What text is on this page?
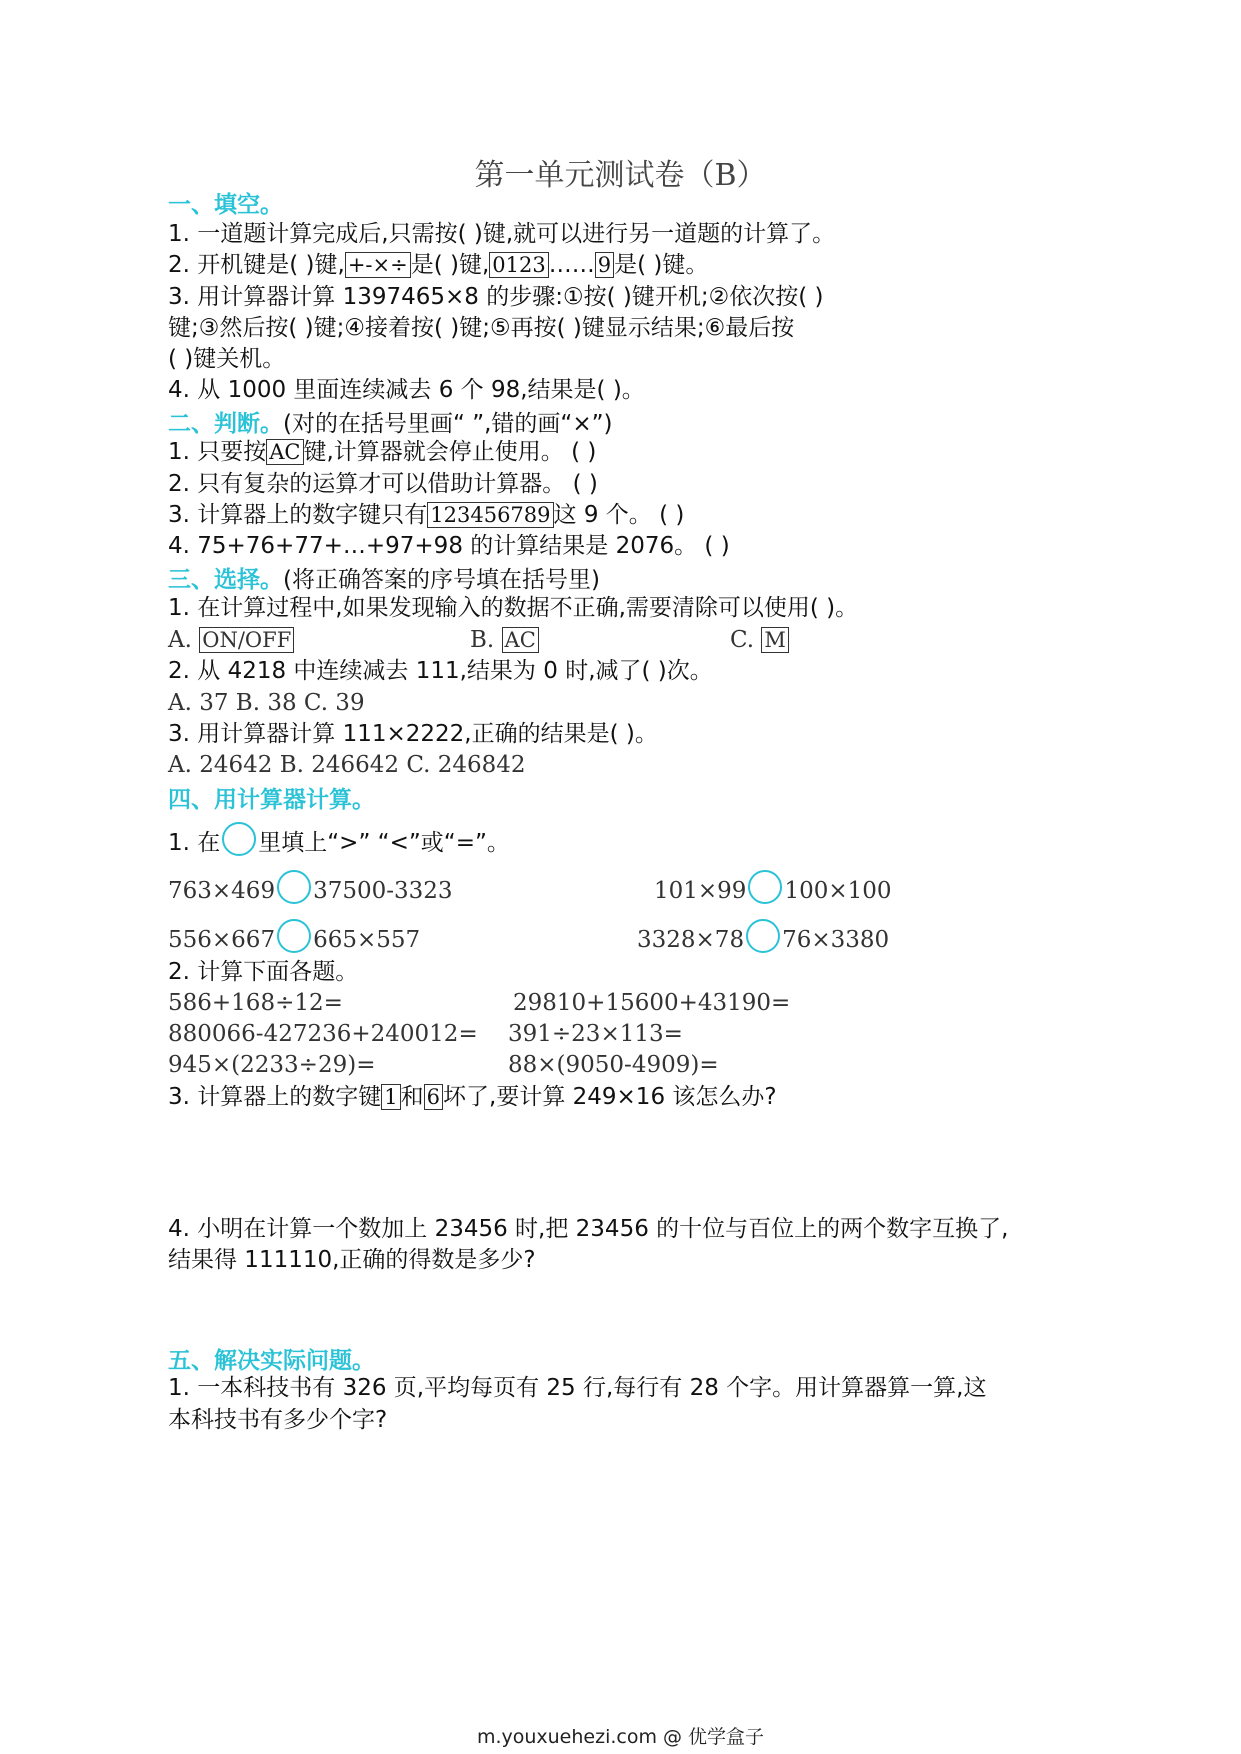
第一单元测试卷（B）
一、填空。
1. 一道题计算完成后,只需按( )键,就可以进行另一道题的计算了。
2. 开机键是( )键, +-×÷ 是( )键, 0123 …… 9 是( )键。
3. 用计算器计算 1397465×8 的步骤:①按( )键开机;②依次按( )
键;③然后按( )键;④接着按( )键;⑤再按( )键显示结果;⑥最后按
( )键关机。
4. 从 1000 里面连续减去 6 个 98,结果是( )。
二、判断。(对的在括号里画“ ”,错的画“×”)
1. 只要按 AC 键,计算器就会停止使用。 ( )
2. 只有复杂的运算才可以借助计算器。 ( )
3. 计算器上的数字键只有 123456789 这 9 个。 ( )
4. 75+76+77+…+97+98 的计算结果是 2076。 ( )
三、选择。(将正确答案的序号填在括号里)
1. 在计算过程中,如果发现输入的数据不正确,需要清除可以使用( )。
A. ON/OFF	B. AC	C. M
2. 从 4218 中连续减去 111,结果为 0 时,减了( )次。
A. 37 B. 38 C. 39
3. 用计算器计算 111×2222,正确的结果是( )。
A. 24642 B. 246642 C. 246842
四、用计算器计算。
1. 在 里填上“>” “<”或“=”。
763×469 37500-3323	101×99 100×100
556×667 665×557	3328×78 76×3380
2. 计算下面各题。
586+168÷12=	29810+15600+43190=
880066-427236+240012= 391÷23×113=
945×(2233÷29)=	88×(9050-4909)=
3. 计算器上的数字键 1 和 6 坏了,要计算 249×16 该怎么办?
4. 小明在计算一个数加上 23456 时,把 23456 的十位与百位上的两个数字互换了,
结果得 111110,正确的得数是多少?
五、解决实际问题。
1. 一本科技书有 326 页,平均每页有 25 行,每行有 28 个字。用计算器算一算,这
本科技书有多少个字?
m.youxuehezi.com @ 优学盒子
